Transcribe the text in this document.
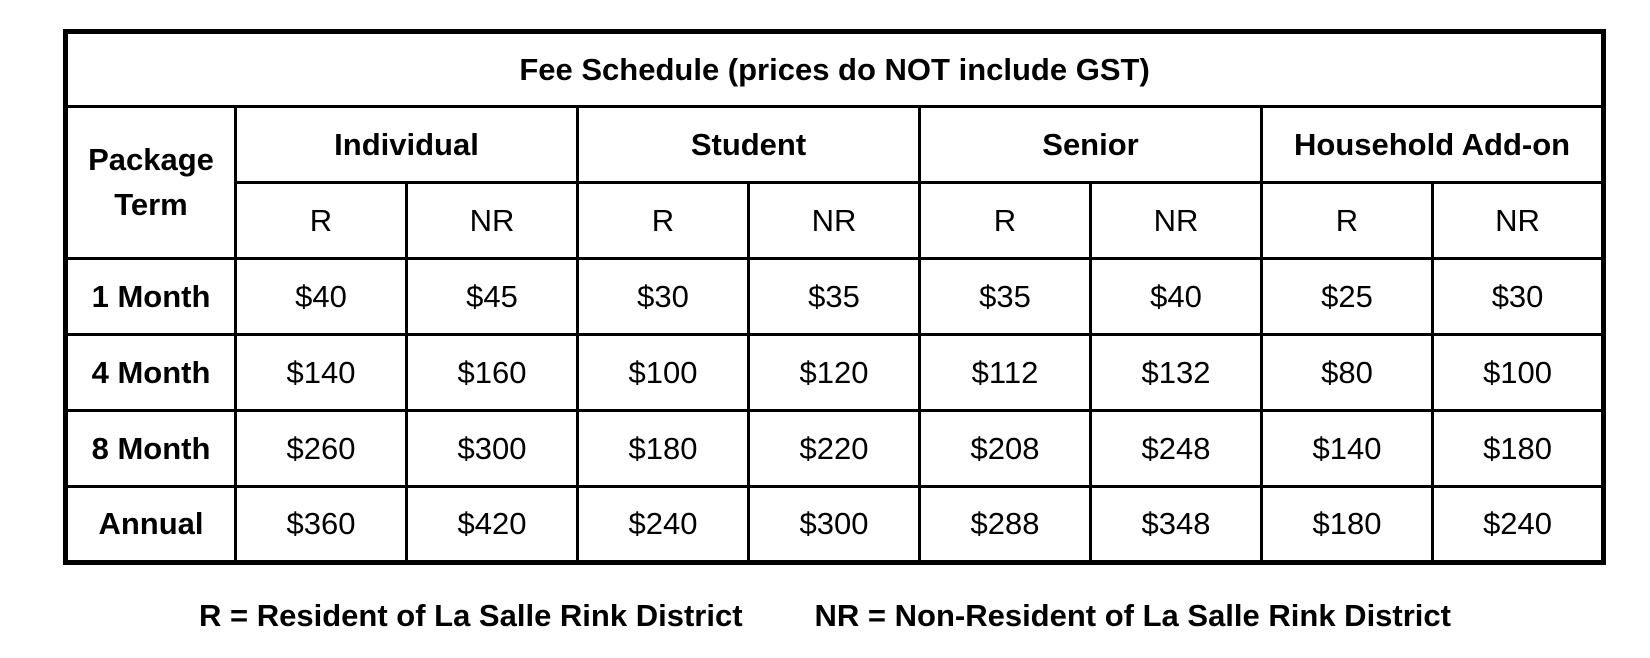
Fee Schedule (prices do NOT include GST)								
Package
Term	Individual		Student		Senior		Household Add-on	
	R	NR	R	NR	R	NR	R	NR
1 Month	$40	$45	$30	$35	$35	$40	$25	$30
4 Month	$140	$160	$100	$120	$112	$132	$80	$100
8 Month	$260	$300	$180	$220	$208	$248	$140	$180
Annual	$360	$420	$240	$300	$288	$348	$180	$240
R = Resident of La Salle Rink District NR = Non-Resident of La Salle Rink District
